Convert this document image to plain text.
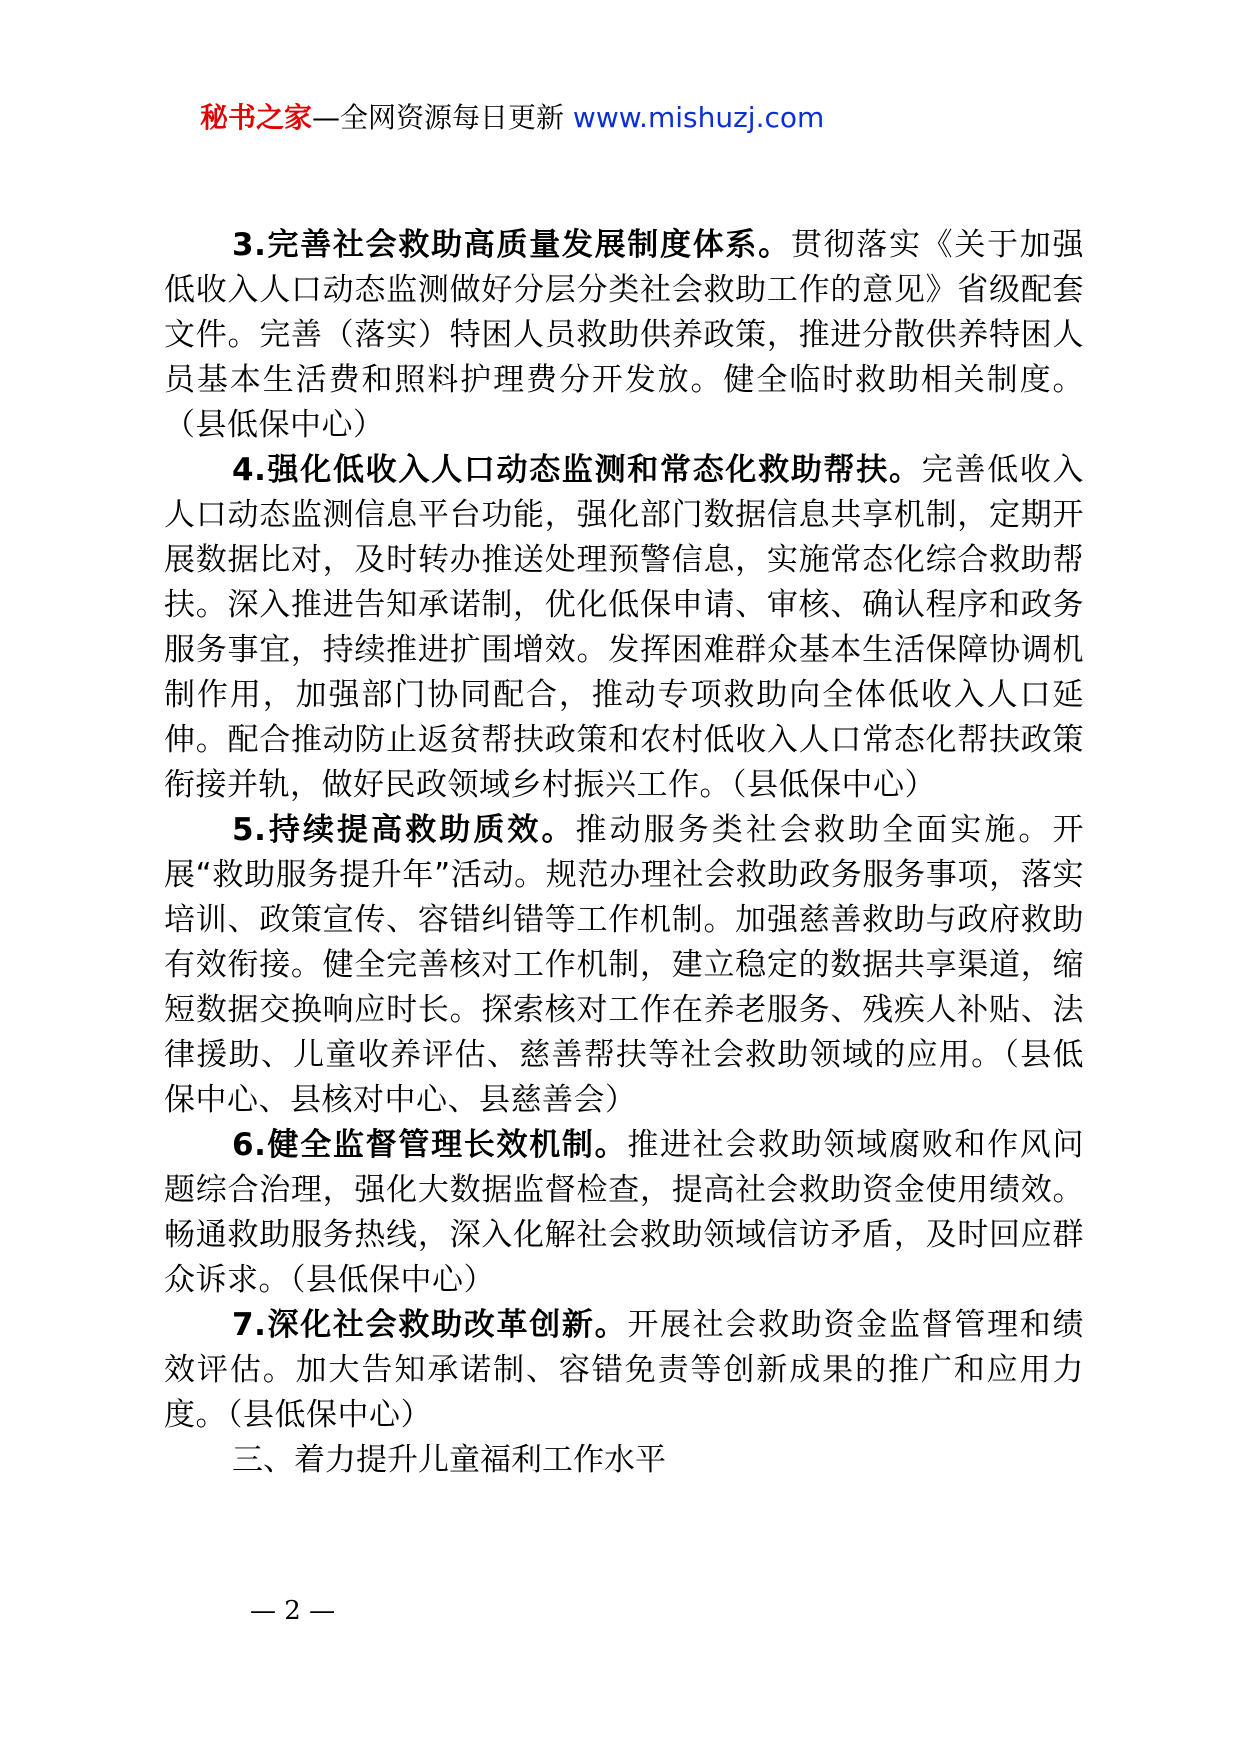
秘书之家—全网资源每日更新 www.mishuzj.com

3.完善社会救助高质量发展制度体系。贯彻落实《关于加强低收入人口动态监测做好分层分类社会救助工作的意见》省级配套文件。完善（落实）特困人员救助供养政策，推进分散供养特困人员基本生活费和照料护理费分开发放。健全临时救助相关制度。（县低保中心）

4.强化低收入人口动态监测和常态化救助帮扶。完善低收入人口动态监测信息平台功能，强化部门数据信息共享机制，定期开展数据比对，及时转办推送处理预警信息，实施常态化综合救助帮扶。深入推进告知承诺制，优化低保申请、审核、确认程序和政务服务事宜，持续推进扩围增效。发挥困难群众基本生活保障协调机制作用，加强部门协同配合，推动专项救助向全体低收入人口延伸。配合推动防止返贫帮扶政策和农村低收入人口常态化帮扶政策衔接并轨，做好民政领域乡村振兴工作。（县低保中心）

5.持续提高救助质效。推动服务类社会救助全面实施。开展“救助服务提升年”活动。规范办理社会救助政务服务事项，落实培训、政策宣传、容错纠错等工作机制。加强慈善救助与政府救助有效衔接。健全完善核对工作机制，建立稳定的数据共享渠道，缩短数据交换响应时长。探索核对工作在养老服务、残疾人补贴、法律援助、儿童收养评估、慈善帮扶等社会救助领域的应用。（县低保中心、县核对中心、县慈善会）

6.健全监督管理长效机制。推进社会救助领域腐败和作风问题综合治理，强化大数据监督检查，提高社会救助资金使用绩效。畅通救助服务热线，深入化解社会救助领域信访矛盾，及时回应群众诉求。（县低保中心）

7.深化社会救助改革创新。开展社会救助资金监督管理和绩效评估。加大告知承诺制、容错免责等创新成果的推广和应用力度。（县低保中心）

三、着力提升儿童福利工作水平

— 2 —
